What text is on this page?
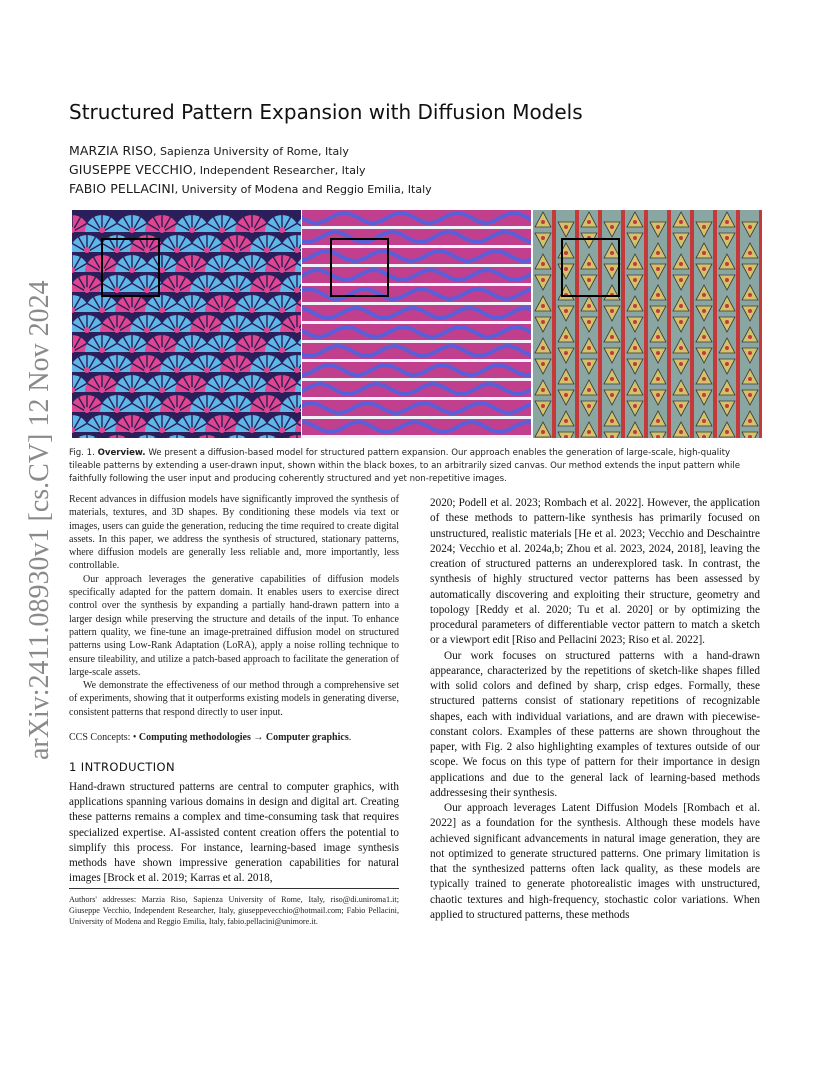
arXiv:2411.08930v1 [cs.CV] 12 Nov 2024
Structured Pattern Expansion with Diffusion Models
MARZIA RISO, Sapienza University of Rome, Italy
GIUSEPPE VECCHIO, Independent Researcher, Italy
FABIO PELLACINI, University of Modena and Reggio Emilia, Italy
Fig. 1. Overview. We present a diffusion-based model for structured pattern expansion. Our approach enables the generation of large-scale, high-quality tileable patterns by extending a user-drawn input, shown within the black boxes, to an arbitrarily sized canvas. Our method extends the input pattern while faithfully following the user input and producing coherently structured and yet non-repetitive images.

Recent advances in diffusion models have significantly improved the synthesis of materials, textures, and 3D shapes. By conditioning these models via text or images, users can guide the generation, reducing the time required to create digital assets. In this paper, we address the synthesis of structured, stationary patterns, where diffusion models are generally less reliable and, more importantly, less controllable.

Our approach leverages the generative capabilities of diffusion models specifically adapted for the pattern domain. It enables users to exercise direct control over the synthesis by expanding a partially hand-drawn pattern into a larger design while preserving the structure and details of the input. To enhance pattern quality, we fine-tune an image-pretrained diffusion model on structured patterns using Low-Rank Adaptation (LoRA), apply a noise rolling technique to ensure tileability, and utilize a patch-based approach to facilitate the generation of large-scale assets.

We demonstrate the effectiveness of our method through a comprehensive set of experiments, showing that it outperforms existing models in generating diverse, consistent patterns that respond directly to user input.

CCS Concepts: • Computing methodologies → Computer graphics.
1 INTRODUCTION

Hand-drawn structured patterns are central to computer graphics, with applications spanning various domains in design and digital art. Creating these patterns remains a complex and time-consuming task that requires specialized expertise. AI-assisted content creation offers the potential to simplify this process. For instance, learning-based image synthesis methods have shown impressive generation capabilities for natural images [Brock et al. 2019; Karras et al. 2018,

Authors' addresses: Marzia Riso, Sapienza University of Rome, Italy, riso@di.uniroma1.it; Giuseppe Vecchio, Independent Researcher, Italy, giuseppevecchio@hotmail.com; Fabio Pellacini, University of Modena and Reggio Emilia, Italy, fabio.pellacini@unimore.it.

2020; Podell et al. 2023; Rombach et al. 2022]. However, the application of these methods to pattern-like synthesis has primarily focused on unstructured, realistic materials [He et al. 2023; Vecchio and Deschaintre 2024; Vecchio et al. 2024a,b; Zhou et al. 2023, 2024, 2018], leaving the creation of structured patterns an underexplored task. In contrast, the synthesis of highly structured vector patterns has been assessed by automatically discovering and exploiting their structure, geometry and topology [Reddy et al. 2020; Tu et al. 2020] or by optimizing the procedural parameters of differentiable vector pattern to match a sketch or a viewport edit [Riso and Pellacini 2023; Riso et al. 2022].

Our work focuses on structured patterns with a hand-drawn appearance, characterized by the repetitions of sketch-like shapes filled with solid colors and defined by sharp, crisp edges. Formally, these structured patterns consist of stationary repetitions of recognizable shapes, each with individual variations, and are drawn with piecewise-constant colors. Examples of these patterns are shown throughout the paper, with Fig. 2 also highlighting examples of textures outside of our scope. We focus on this type of pattern for their importance in design applications and due to the general lack of learning-based methods addressesing their synthesis.

Our approach leverages Latent Diffusion Models [Rombach et al. 2022] as a foundation for the synthesis. Although these models have achieved significant advancements in natural image generation, they are not optimized to generate structured patterns. One primary limitation is that the synthesized patterns often lack quality, as these models are typically trained to generate photorealistic images with unstructured, chaotic textures and high-frequency, stochastic color variations. When applied to structured patterns, these methods
